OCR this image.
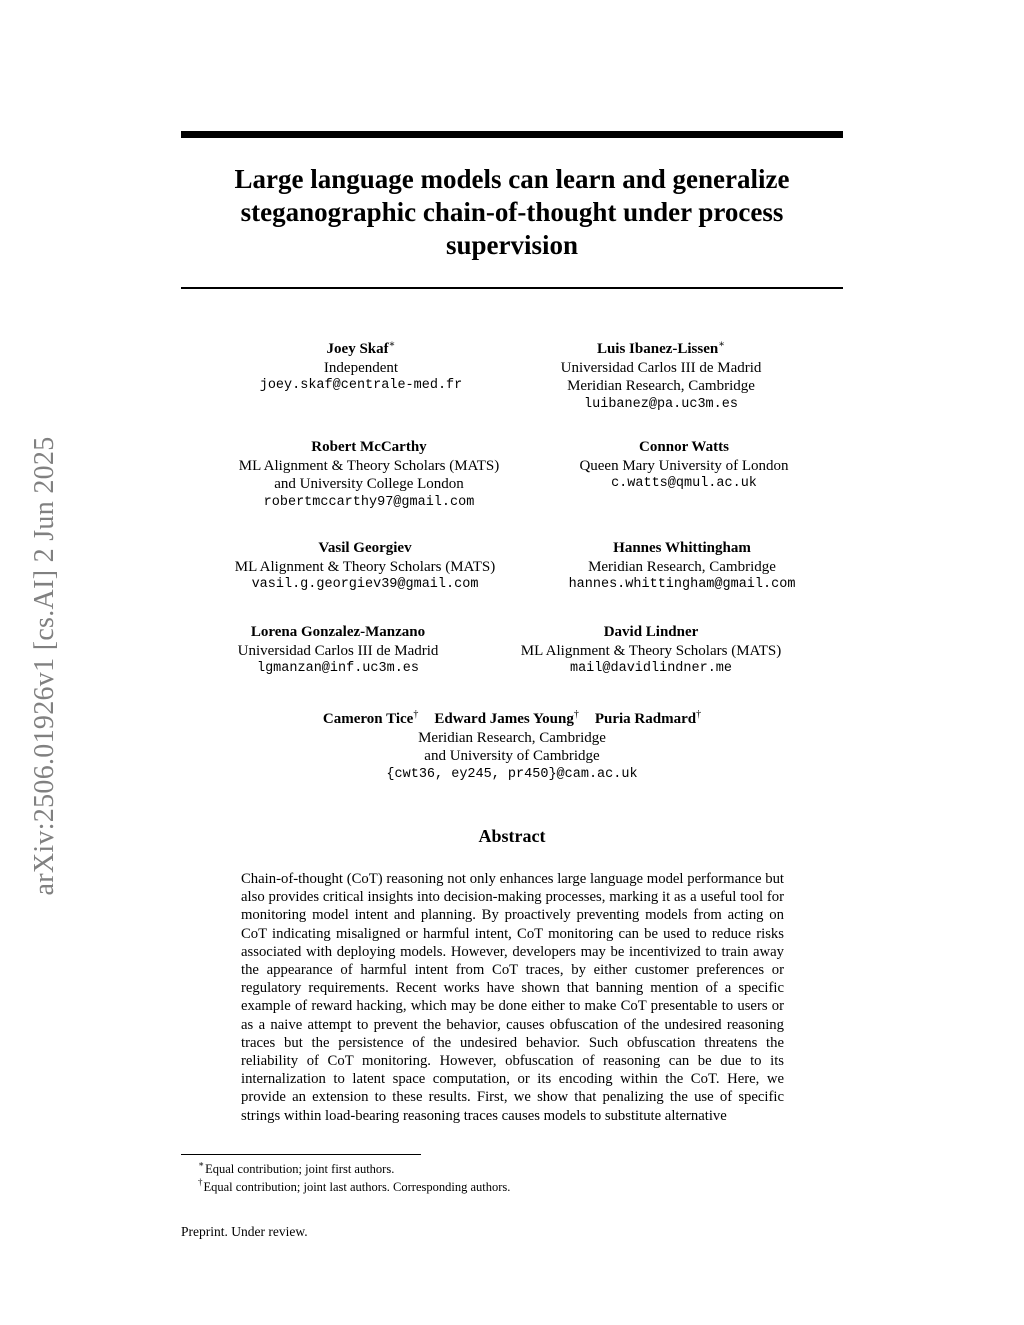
arXiv:2506.01926v1 [cs.AI] 2 Jun 2025
Large language models can learn and generalize steganographic chain-of-thought under process supervision
Joey Skaf∗
Independent
joey.skaf@centrale-med.fr
Luis Ibanez-Lissen∗
Universidad Carlos III de Madrid
Meridian Research, Cambridge
luibanez@pa.uc3m.es
Robert McCarthy
ML Alignment & Theory Scholars (MATS)
and University College London
robertmccarthy97@gmail.com
Connor Watts
Queen Mary University of London
c.watts@qmul.ac.uk
Vasil Georgiev
ML Alignment & Theory Scholars (MATS)
vasil.g.georgiev39@gmail.com
Hannes Whittingham
Meridian Research, Cambridge
hannes.whittingham@gmail.com
Lorena Gonzalez-Manzano
Universidad Carlos III de Madrid
lgmanzan@inf.uc3m.es
David Lindner
ML Alignment & Theory Scholars (MATS)
mail@davidlindner.me
Cameron Tice† Edward James Young† Puria Radmard†
Meridian Research, Cambridge
and University of Cambridge
{cwt36, ey245, pr450}@cam.ac.uk
Abstract
Chain-of-thought (CoT) reasoning not only enhances large language model performance but also provides critical insights into decision-making processes, marking it as a useful tool for monitoring model intent and planning. By proactively preventing models from acting on CoT indicating misaligned or harmful intent, CoT monitoring can be used to reduce risks associated with deploying models. However, developers may be incentivized to train away the appearance of harmful intent from CoT traces, by either customer preferences or regulatory requirements. Recent works have shown that banning mention of a specific example of reward hacking, which may be done either to make CoT presentable to users or as a naive attempt to prevent the behavior, causes obfuscation of the undesired reasoning traces but the persistence of the undesired behavior. Such obfuscation threatens the reliability of CoT monitoring. However, obfuscation of reasoning can be due to its internalization to latent space computation, or its encoding within the CoT. Here, we provide an extension to these results. First, we show that penalizing the use of specific strings within load-bearing reasoning traces causes models to substitute alternative
∗Equal contribution; joint first authors.
†Equal contribution; joint last authors. Corresponding authors.
Preprint. Under review.
